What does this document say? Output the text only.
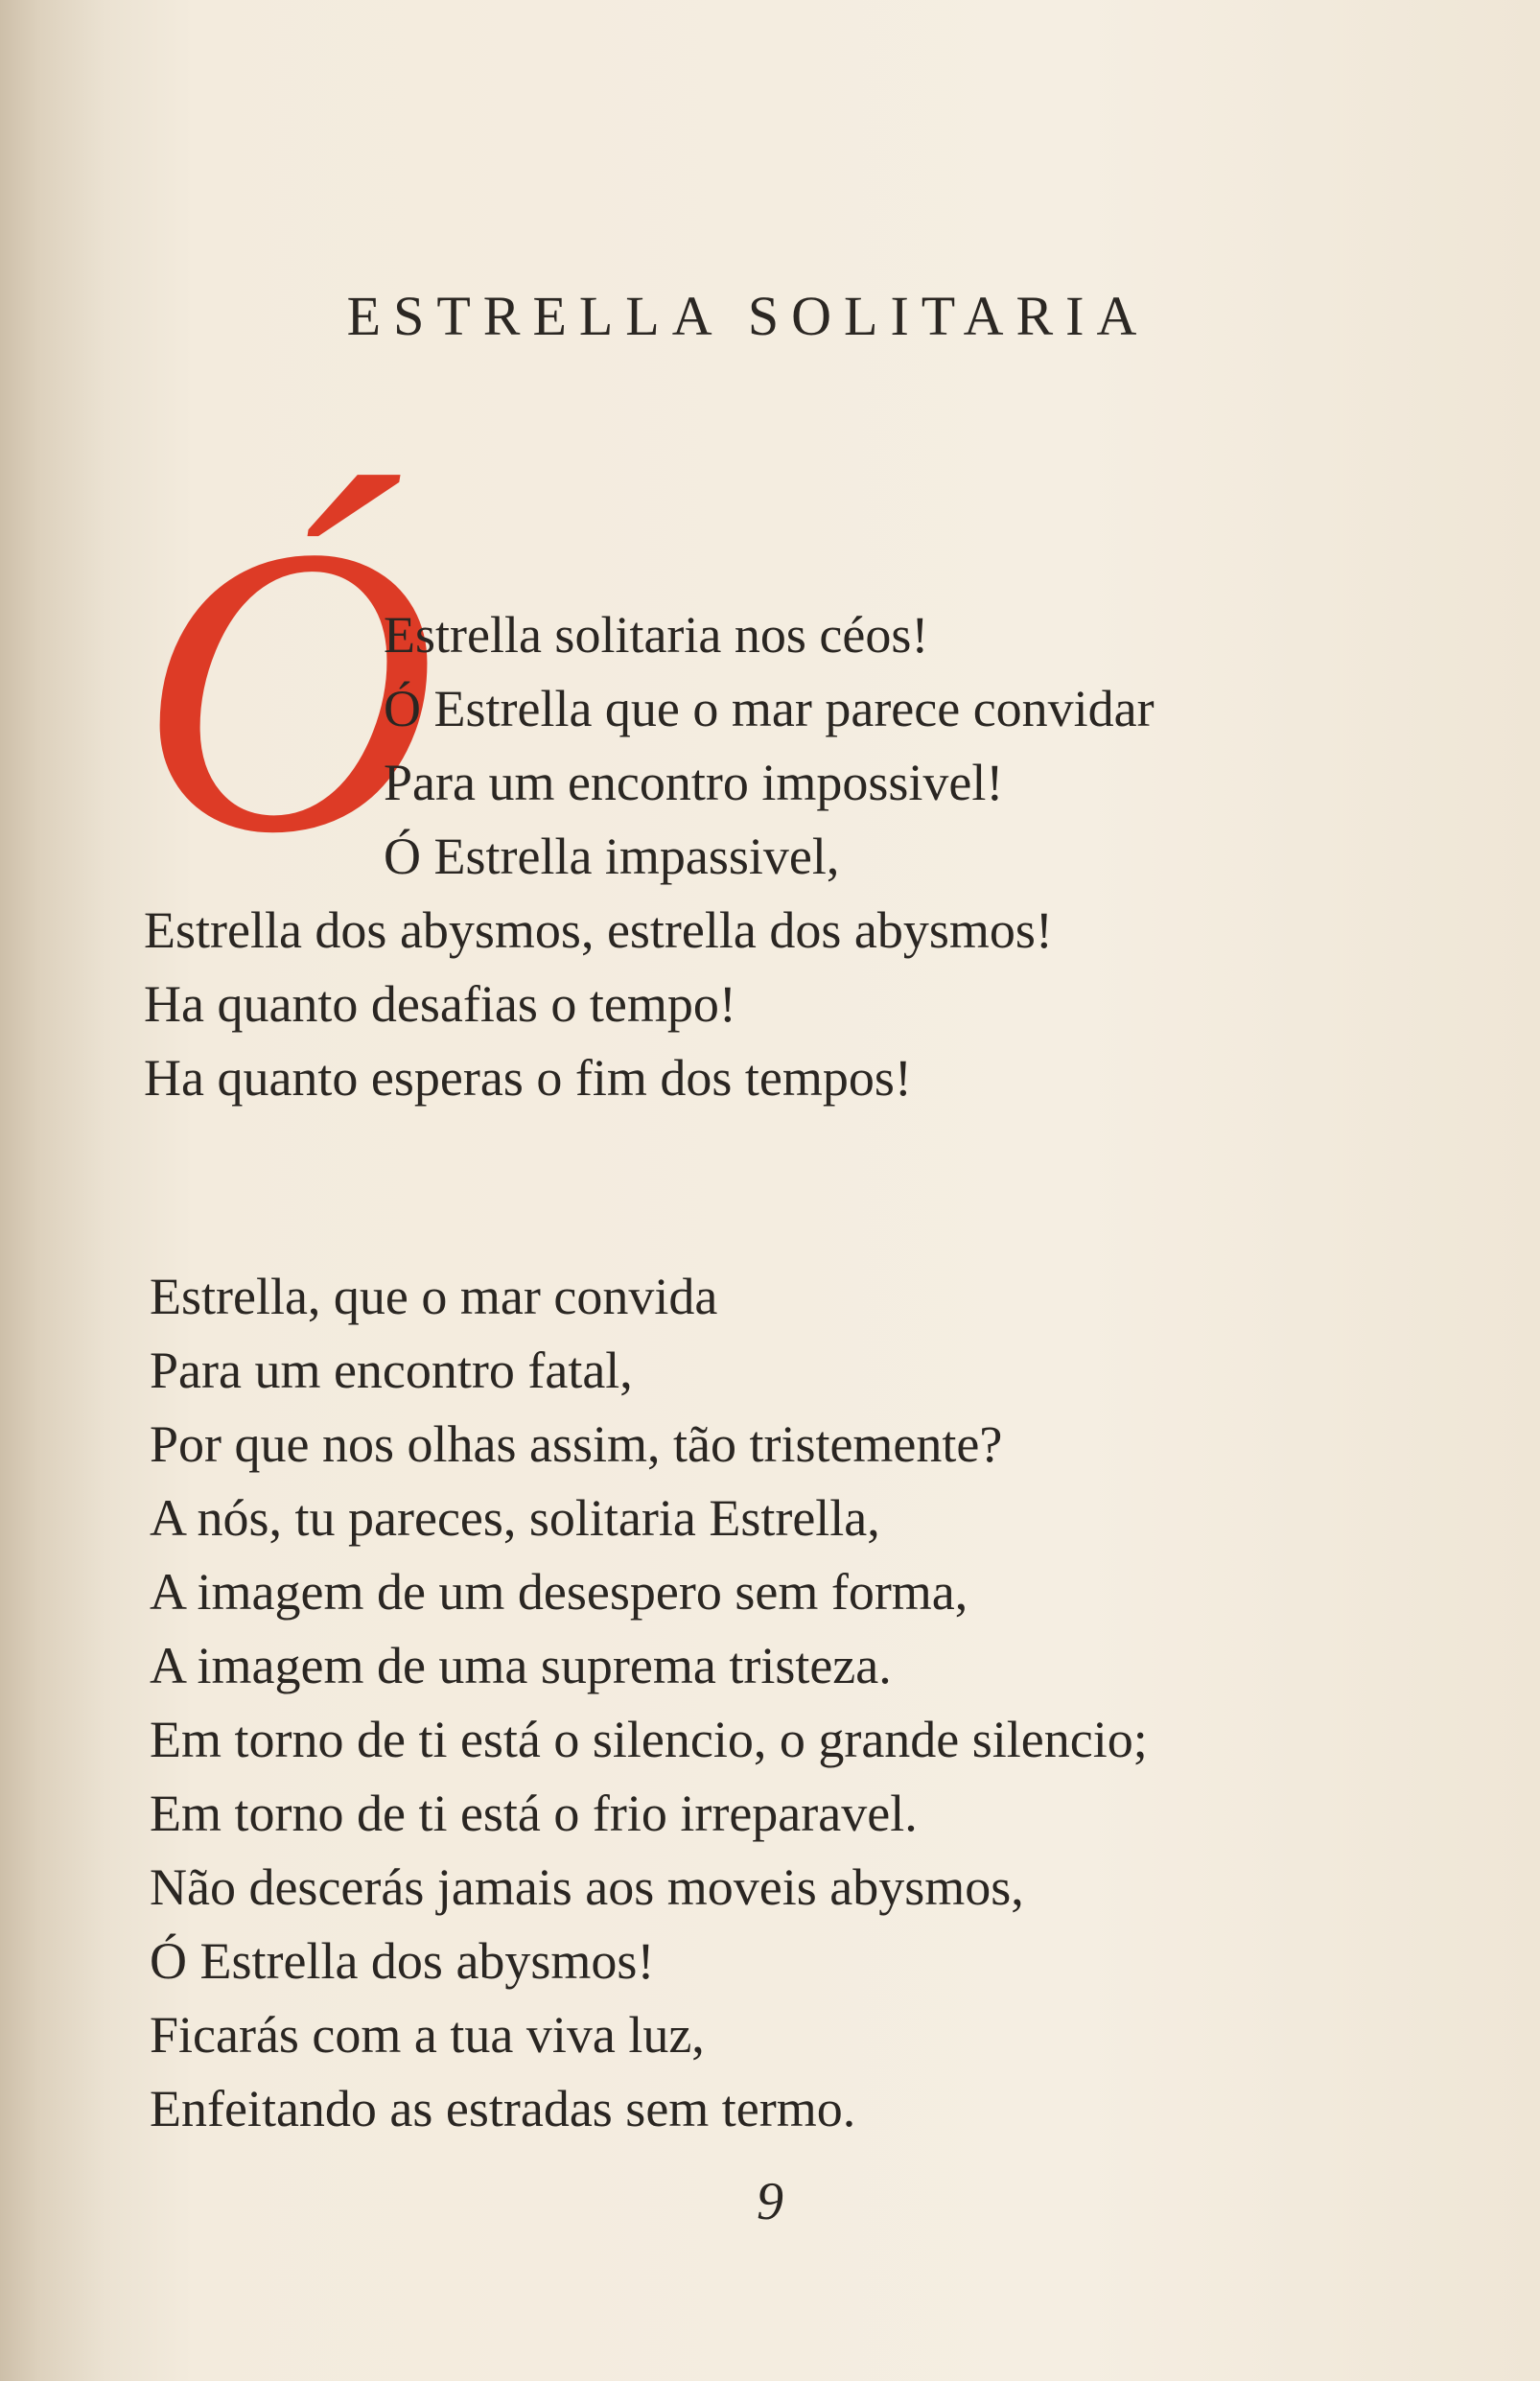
ESTRELLA SOLITARIA
Ó
Estrella solitaria nos céos!
Ó Estrella que o mar parece convidar
Para um encontro impossivel!
Ó Estrella impassivel,
Estrella dos abysmos, estrella dos abysmos!
Ha quanto desafias o tempo!
Ha quanto esperas o fim dos tempos!
Estrella, que o mar convida
Para um encontro fatal,
Por que nos olhas assim, tão tristemente?
A nós, tu pareces, solitaria Estrella,
A imagem de um desespero sem forma,
A imagem de uma suprema tristeza.
Em torno de ti está o silencio, o grande silencio;
Em torno de ti está o frio irreparavel.
Não descerás jamais aos moveis abysmos,
Ó Estrella dos abysmos!
Ficarás com a tua viva luz,
Enfeitando as estradas sem termo.
9
